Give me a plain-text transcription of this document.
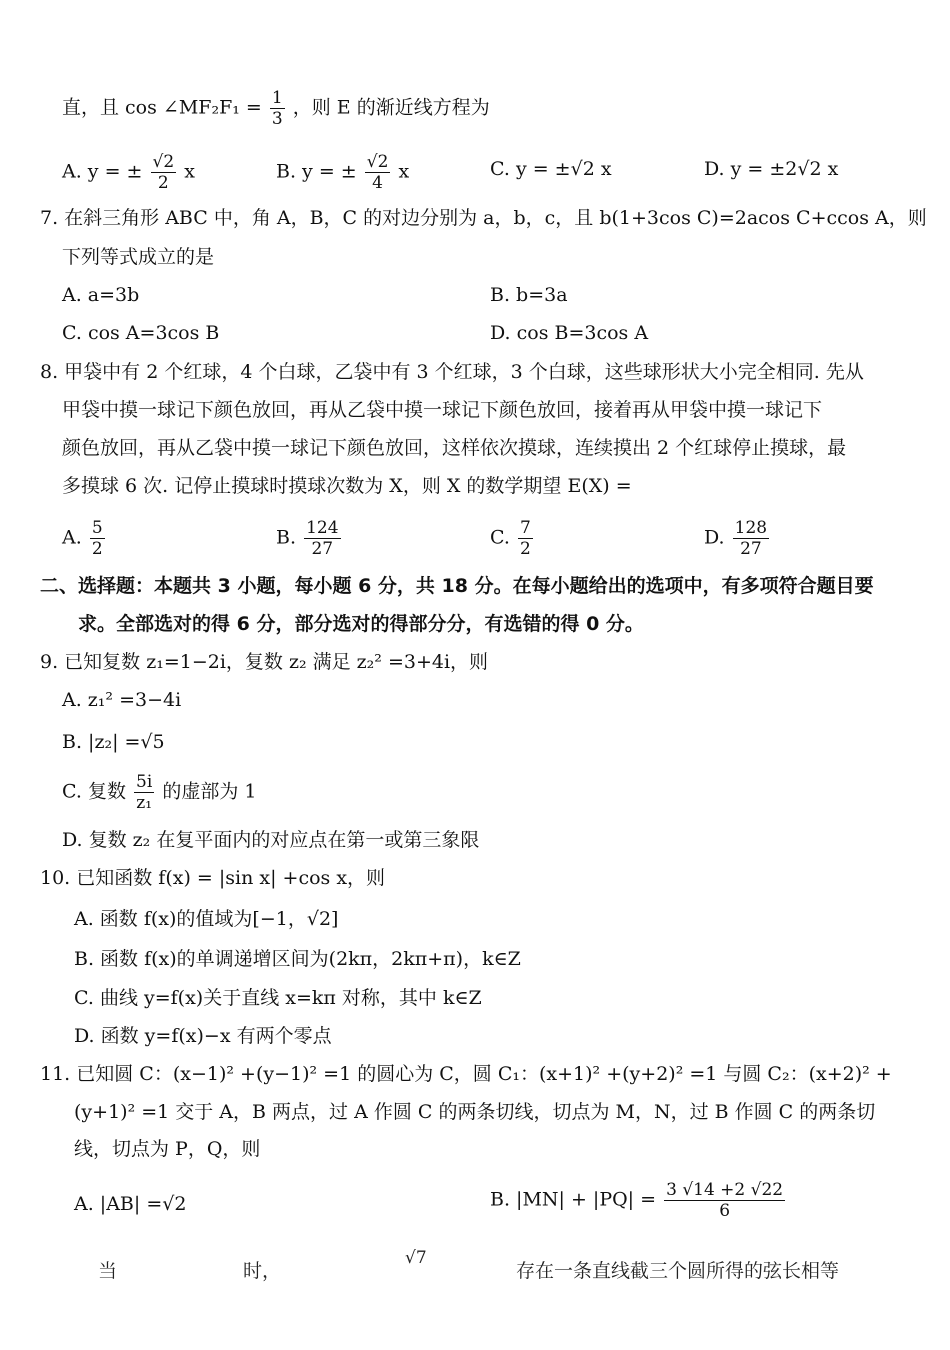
直，且 cos ∠MF₂F₁ = $\frac{1}{3}$ ，则 E 的渐近线方程为
A. y = ± $\frac{√2}{2}$ x	B. y = ± $\frac{√2}{4}$ x	C. y = ±√2 x	D. y = ±2√2 x
7. 在斜三角形 ABC 中，角 A，B，C 的对边分别为 a，b，c，且 b(1+3cos C)=2acos C+ccos A，则
下列等式成立的是
A. a=3b	B. b=3a
C. cos A=3cos B	D. cos B=3cos A
8. 甲袋中有 2 个红球，4 个白球，乙袋中有 3 个红球，3 个白球，这些球形状大小完全相同. 先从
甲袋中摸一球记下颜色放回，再从乙袋中摸一球记下颜色放回，接着再从甲袋中摸一球记下
颜色放回，再从乙袋中摸一球记下颜色放回，这样依次摸球，连续摸出 2 个红球停止摸球，最
多摸球 6 次. 记停止摸球时摸球次数为 X，则 X 的数学期望 E(X) =
A. $\frac{5}{2}$	B. $\frac{124}{27}$	C. $\frac{7}{2}$	D. $\frac{128}{27}$
二、选择题：本题共 3 小题，每小题 6 分，共 18 分。在每小题给出的选项中，有多项符合题目要
求。全部选对的得 6 分，部分选对的得部分分，有选错的得 0 分。
9. 已知复数 z₁=1−2i，复数 z₂ 满足 z₂² =3+4i，则
A. z₁² =3−4i
B. |z₂| =√5
C. 复数 $\frac{5i}{\text{z₁}}$ 的虚部为 1
D. 复数 z₂ 在复平面内的对应点在第一或第三象限
10. 已知函数 f(x) = |sin x| +cos x，则
A. 函数 f(x)的值域为[−1，√2]
B. 函数 f(x)的单调递增区间为(2kπ，2kπ+π)，k∈Z
C. 曲线 y=f(x)关于直线 x=kπ 对称，其中 k∈Z
D. 函数 y=f(x)−x 有两个零点
11. 已知圆 C：(x−1)² +(y−1)² =1 的圆心为 C，圆 C₁：(x+1)² +(y+2)² =1 与圆 C₂：(x+2)² +
(y+1)² =1 交于 A，B 两点，过 A 作圆 C 的两条切线，切点为 M，N，过 B 作圆 C 的两条切
线，切点为 P，Q，则
A. |AB| =√2	B. $|MN| + |PQ| = \frac{3 √14 +2 √22}{6}$
当	时，
√7
存在一条直线截三个圆所得的弦长相等
